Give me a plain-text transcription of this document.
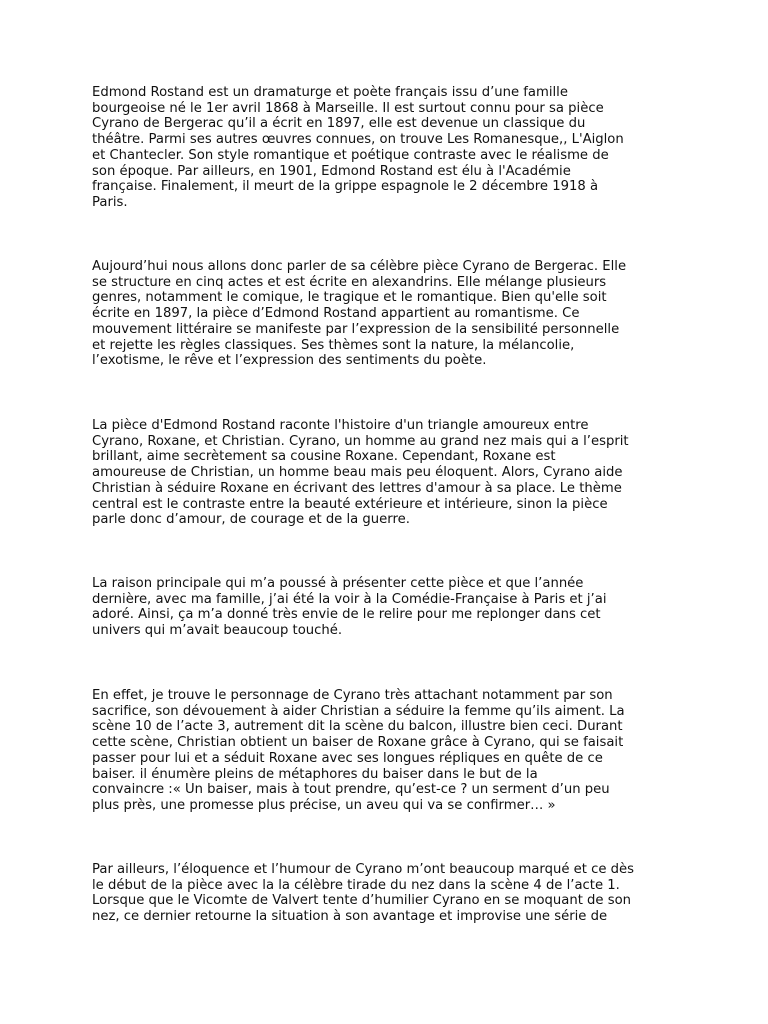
Edmond Rostand est un dramaturge et poète français issu d’une famille
bourgeoise né le 1er avril 1868 à Marseille. Il est surtout connu pour sa pièce
Cyrano de Bergerac qu’il a écrit en 1897, elle est devenue un classique du
théâtre. Parmi ses autres œuvres connues, on trouve Les Romanesque,, L'Aiglon
et Chantecler. Son style romantique et poétique contraste avec le réalisme de
son époque. Par ailleurs, en 1901, Edmond Rostand est élu à l'Académie
française. Finalement, il meurt de la grippe espagnole le 2 décembre 1918 à
Paris.

Aujourd’hui nous allons donc parler de sa célèbre pièce Cyrano de Bergerac. Elle
se structure en cinq actes et est écrite en alexandrins. Elle mélange plusieurs
genres, notamment le comique, le tragique et le romantique. Bien qu'elle soit
écrite en 1897, la pièce d’Edmond Rostand appartient au romantisme. Ce
mouvement littéraire se manifeste par l’expression de la sensibilité personnelle
et rejette les règles classiques. Ses thèmes sont la nature, la mélancolie,
l’exotisme, le rêve et l’expression des sentiments du poète.

La pièce d'Edmond Rostand raconte l'histoire d'un triangle amoureux entre
Cyrano, Roxane, et Christian. Cyrano, un homme au grand nez mais qui a l’esprit
brillant, aime secrètement sa cousine Roxane. Cependant, Roxane est
amoureuse de Christian, un homme beau mais peu éloquent. Alors, Cyrano aide
Christian à séduire Roxane en écrivant des lettres d'amour à sa place. Le thème
central est le contraste entre la beauté extérieure et intérieure, sinon la pièce
parle donc d’amour, de courage et de la guerre.

La raison principale qui m’a poussé à présenter cette pièce et que l’année
dernière, avec ma famille, j’ai été la voir à la Comédie-Française à Paris et j’ai
adoré. Ainsi, ça m’a donné très envie de le relire pour me replonger dans cet
univers qui m’avait beaucoup touché.

En effet, je trouve le personnage de Cyrano très attachant notamment par son
sacrifice, son dévouement à aider Christian a séduire la femme qu’ils aiment. La
scène 10 de l’acte 3, autrement dit la scène du balcon, illustre bien ceci. Durant
cette scène, Christian obtient un baiser de Roxane grâce à Cyrano, qui se faisait
passer pour lui et a séduit Roxane avec ses longues répliques en quête de ce
baiser. il énumère pleins de métaphores du baiser dans le but de la
convaincre :« Un baiser, mais à tout prendre, qu’est-ce ? un serment d’un peu
plus près, une promesse plus précise, un aveu qui va se confirmer… »

Par ailleurs, l’éloquence et l’humour de Cyrano m’ont beaucoup marqué et ce dès
le début de la pièce avec la la célèbre tirade du nez dans la scène 4 de l’acte 1.
Lorsque que le Vicomte de Valvert tente d’humilier Cyrano en se moquant de son
nez, ce dernier retourne la situation à son avantage et improvise une série de
